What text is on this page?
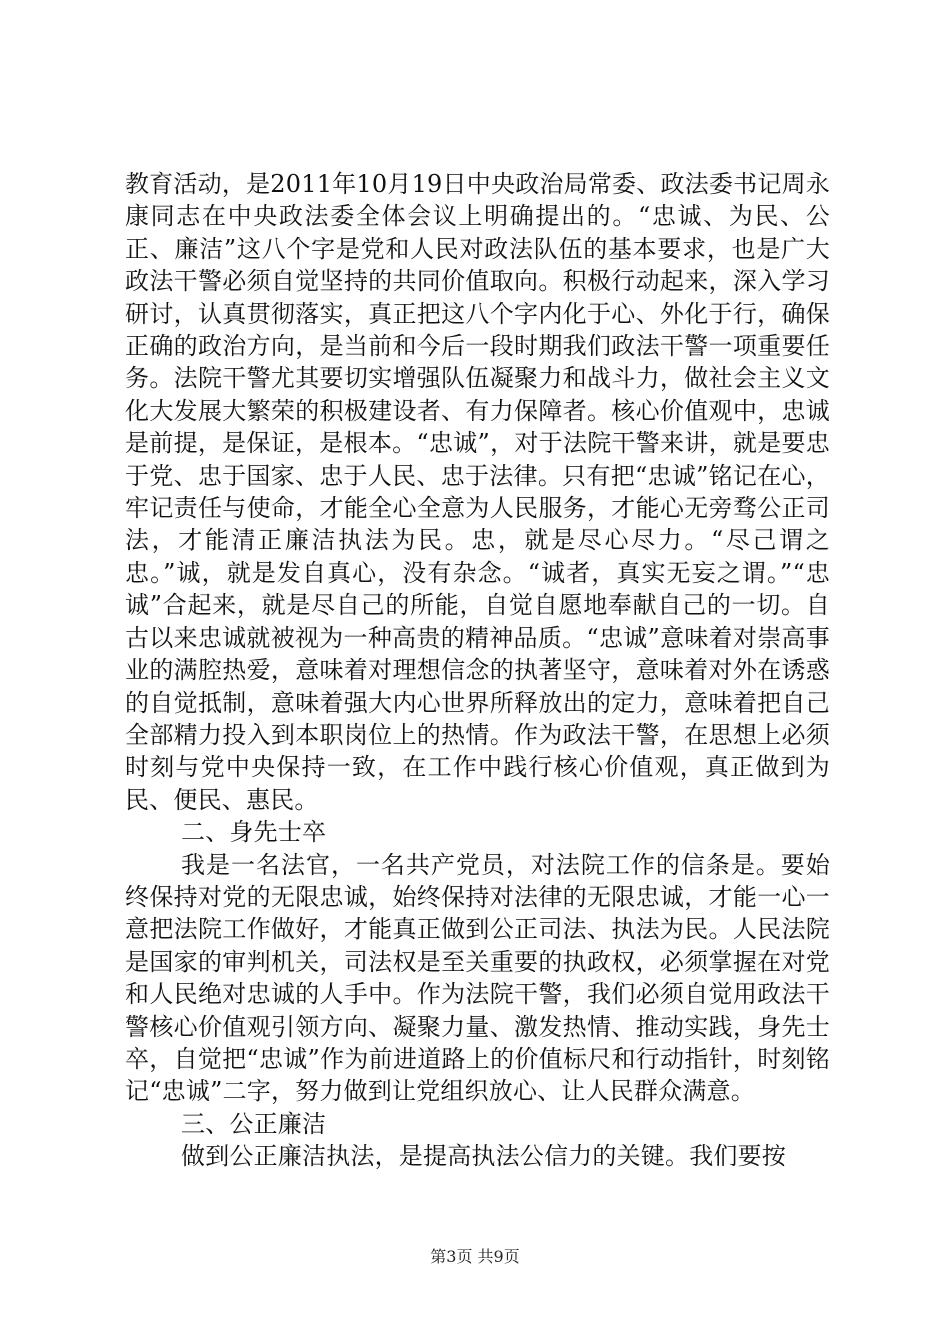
教育活动，是2011年10月19日中央政治局常委、政法委书记周永康同志在中央政法委全体会议上明确提出的。“忠诚、为民、公正、廉洁”这八个字是党和人民对政法队伍的基本要求，也是广大政法干警必须自觉坚持的共同价值取向。积极行动起来，深入学习研讨，认真贯彻落实，真正把这八个字内化于心、外化于行，确保正确的政治方向，是当前和今后一段时期我们政法干警一项重要任务。法院干警尤其要切实增强队伍凝聚力和战斗力，做社会主义文化大发展大繁荣的积极建设者、有力保障者。核心价值观中，忠诚是前提，是保证，是根本。“忠诚”，对于法院干警来讲，就是要忠于党、忠于国家、忠于人民、忠于法律。只有把“忠诚”铭记在心，牢记责任与使命，才能全心全意为人民服务，才能心无旁骛公正司法，才能清正廉洁执法为民。忠，就是尽心尽力。“尽己谓之忠。”诚，就是发自真心，没有杂念。“诚者，真实无妄之谓。”“忠诚”合起来，就是尽自己的所能，自觉自愿地奉献自己的一切。自古以来忠诚就被视为一种高贵的精神品质。“忠诚”意味着对崇高事业的满腔热爱，意味着对理想信念的执著坚守，意味着对外在诱惑的自觉抵制，意味着强大内心世界所释放出的定力，意味着把自己全部精力投入到本职岗位上的热情。作为政法干警，在思想上必须时刻与党中央保持一致，在工作中践行核心价值观，真正做到为民、便民、惠民。

二、身先士卒

我是一名法官，一名共产党员，对法院工作的信条是。要始终保持对党的无限忠诚，始终保持对法律的无限忠诚，才能一心一意把法院工作做好，才能真正做到公正司法、执法为民。人民法院是国家的审判机关，司法权是至关重要的执政权，必须掌握在对党和人民绝对忠诚的人手中。作为法院干警，我们必须自觉用政法干警核心价值观引领方向、凝聚力量、激发热情、推动实践，身先士卒，自觉把“忠诚”作为前进道路上的价值标尺和行动指针，时刻铭记“忠诚”二字，努力做到让党组织放心、让人民群众满意。

三、公正廉洁

做到公正廉洁执法，是提高执法公信力的关键。我们要按

第3页 共9页
